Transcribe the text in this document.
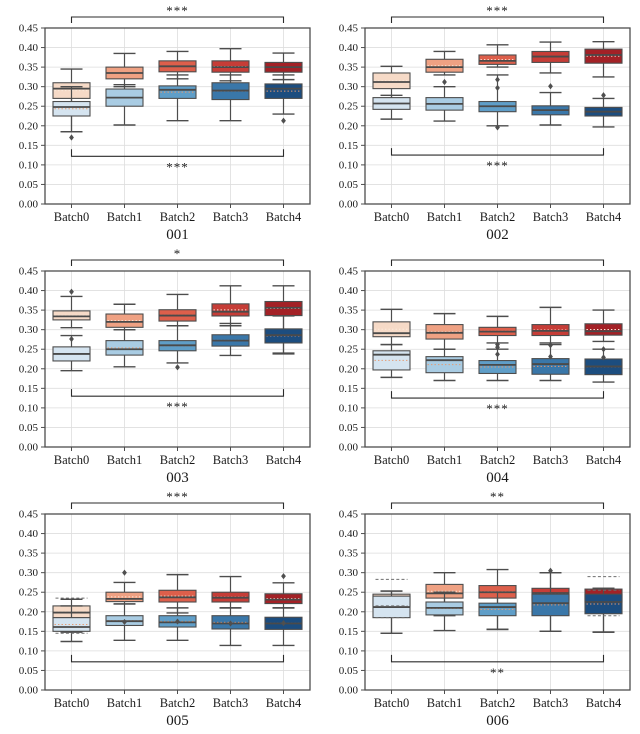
0.45
0.40
0.35
0.30
0.25
0.20
0.15
0.10
0.05
0.00
Batch0 Batch1 Batch2 Batch3 Batch4
***
***
001
0.45
0.40
0.35
0.30
0.25
0.20
0.15
0.10
0.05
0.00
Batch0 Batch1 Batch2 Batch3 Batch4
***
***
002
0.45
0.40
0.35
0.30
0.25
0.20
0.15
0.10
0.05
0.00
Batch0 Batch1 Batch2 Batch3 Batch4
*
***
003
0.45
0.40
0.35
0.30
0.25
0.20
0.15
0.10
0.05
0.00
Batch0 Batch1 Batch2 Batch3 Batch4
***
004
0.45
0.40
0.35
0.30
0.25
0.20
0.15
0.10
0.05
0.00
Batch0 Batch1 Batch2 Batch3 Batch4
***
005
0.45
0.40
0.35
0.30
0.25
0.20
0.15
0.10
0.05
0.00
Batch0 Batch1 Batch2 Batch3 Batch4
**
**
006
